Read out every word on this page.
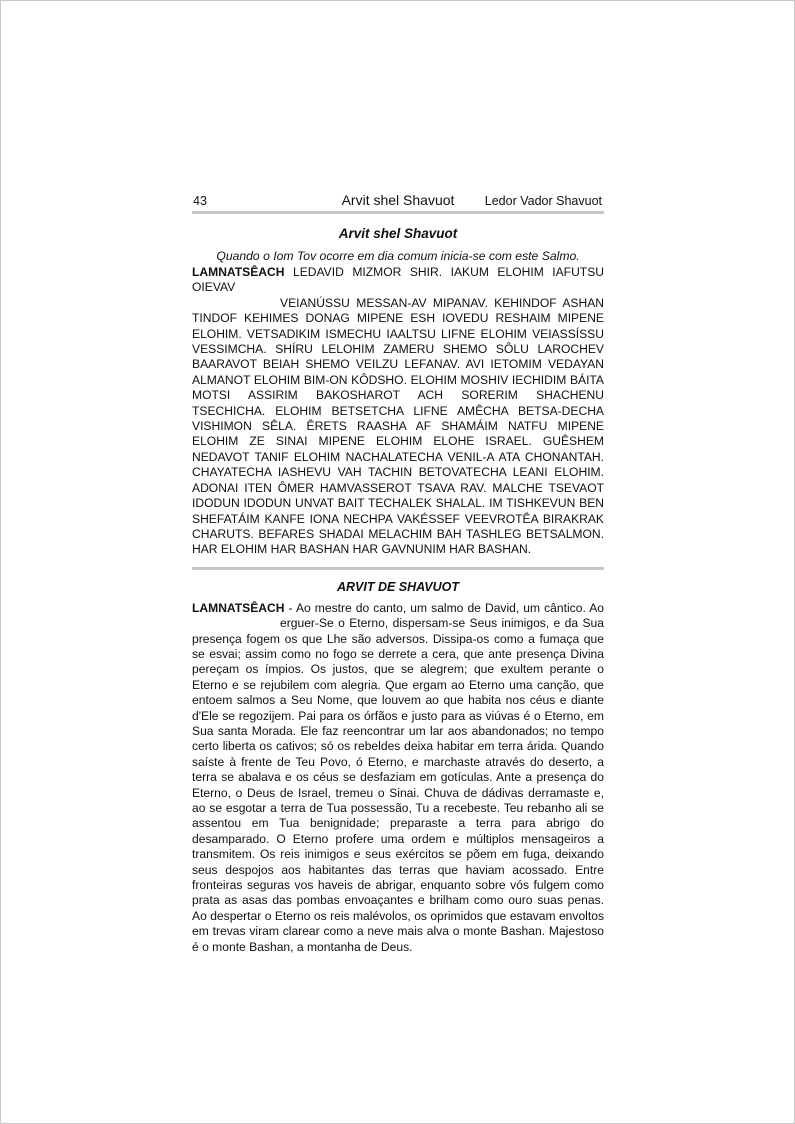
43	Arvit shel Shavuot	Ledor Vador Shavuot
Arvit shel Shavuot
Quando o Iom Tov ocorre em dia comum inicia-se com este Salmo.

LAMNATSÊACH LEDAVID MIZMOR SHIR. IAKUM ELOHIM IAFUTSU OIEVAV

VEIANÚSSU MESSAN-AV MIPANAV. KEHINDOF ASHAN TINDOF KEHIMES DONAG MIPENE ESH IOVEDU RESHAIM MIPENE ELOHIM. VETSADIKIM ISMECHU IAALTSU LIFNE ELOHIM VEIASSÍSSU VESSIMCHA. SHÍRU LELOHIM ZAMERU SHEMO SÔLU LAROCHEV BAARAVOT BEIAH SHEMO VEILZU LEFANAV. AVI IETOMIM VEDAYAN ALMANOT ELOHIM BIM-ON KÔDSHO. ELOHIM MOSHIV IECHIDIM BÁITA MOTSI ASSIRIM BAKOSHAROT ACH SORERIM SHACHENU TSECHICHA. ELOHIM BETSETCHA LIFNE AMÊCHA BETSA-DECHA VISHIMON SÊLA. ÊRETS RAASHA AF SHAMÁIM NATFU MIPENE ELOHIM ZE SINAI MIPENE ELOHIM ELOHE ISRAEL. GUÊSHEM NEDAVOT TANIF ELOHIM NACHALATECHA VENIL-A ATA CHONANTAH. CHAYATECHA IASHEVU VAH TACHIN BETOVATECHA LEANI ELOHIM. ADONAI ITEN ÔMER HAMVASSEROT TSAVA RAV. MALCHE TSEVAOT IDODUN IDODUN UNVAT BAIT TECHALEK SHALAL. IM TISHKEVUN BEN SHEFATÁIM KANFE IONA NECHPA VAKÉSSEF VEEVROTÊA BIRAKRAK CHARUTS. BEFARES SHADAI MELACHIM BAH TASHLEG BETSALMON. HAR ELOHIM HAR BASHAN HAR GAVNUNIM HAR BASHAN.

ARVIT DE SHAVUOT

LAMNATSÊACH - Ao mestre do canto, um salmo de David, um cântico. Ao

erguer-Se o Eterno, dispersam-se Seus inimigos, e da Sua presença fogem os que Lhe são adversos. Dissipa-os como a fumaça que se esvai; assim como no fogo se derrete a cera, que ante presença Divina pereçam os ímpios. Os justos, que se alegrem; que exultem perante o Eterno e se rejubilem com alegria. Que ergam ao Eterno uma canção, que entoem salmos a Seu Nome, que louvem ao que habita nos céus e diante d'Ele se regozijem. Pai para os órfãos e justo para as viúvas é o Eterno, em Sua santa Morada. Ele faz reencontrar um lar aos abandonados; no tempo certo liberta os cativos; só os rebeldes deixa habitar em terra árida. Quando saíste à frente de Teu Povo, ó Eterno, e marchaste através do deserto, a terra se abalava e os céus se desfaziam em gotículas. Ante a presença do Eterno, o Deus de Israel, tremeu o Sinai. Chuva de dádivas derramaste e, ao se esgotar a terra de Tua possessão, Tu a recebeste. Teu rebanho ali se assentou em Tua benignidade; preparaste a terra para abrigo do desamparado. O Eterno profere uma ordem e múltiplos mensageiros a transmitem. Os reis inimigos e seus exércitos se põem em fuga, deixando seus despojos aos habitantes das terras que haviam acossado. Entre fronteiras seguras vos haveis de abrigar, enquanto sobre vós fulgem como prata as asas das pombas envoaçantes e brilham como ouro suas penas. Ao despertar o Eterno os reis malévolos, os oprimidos que estavam envoltos em trevas viram clarear como a neve mais alva o monte Bashan. Majestoso é o monte Bashan, a montanha de Deus.
